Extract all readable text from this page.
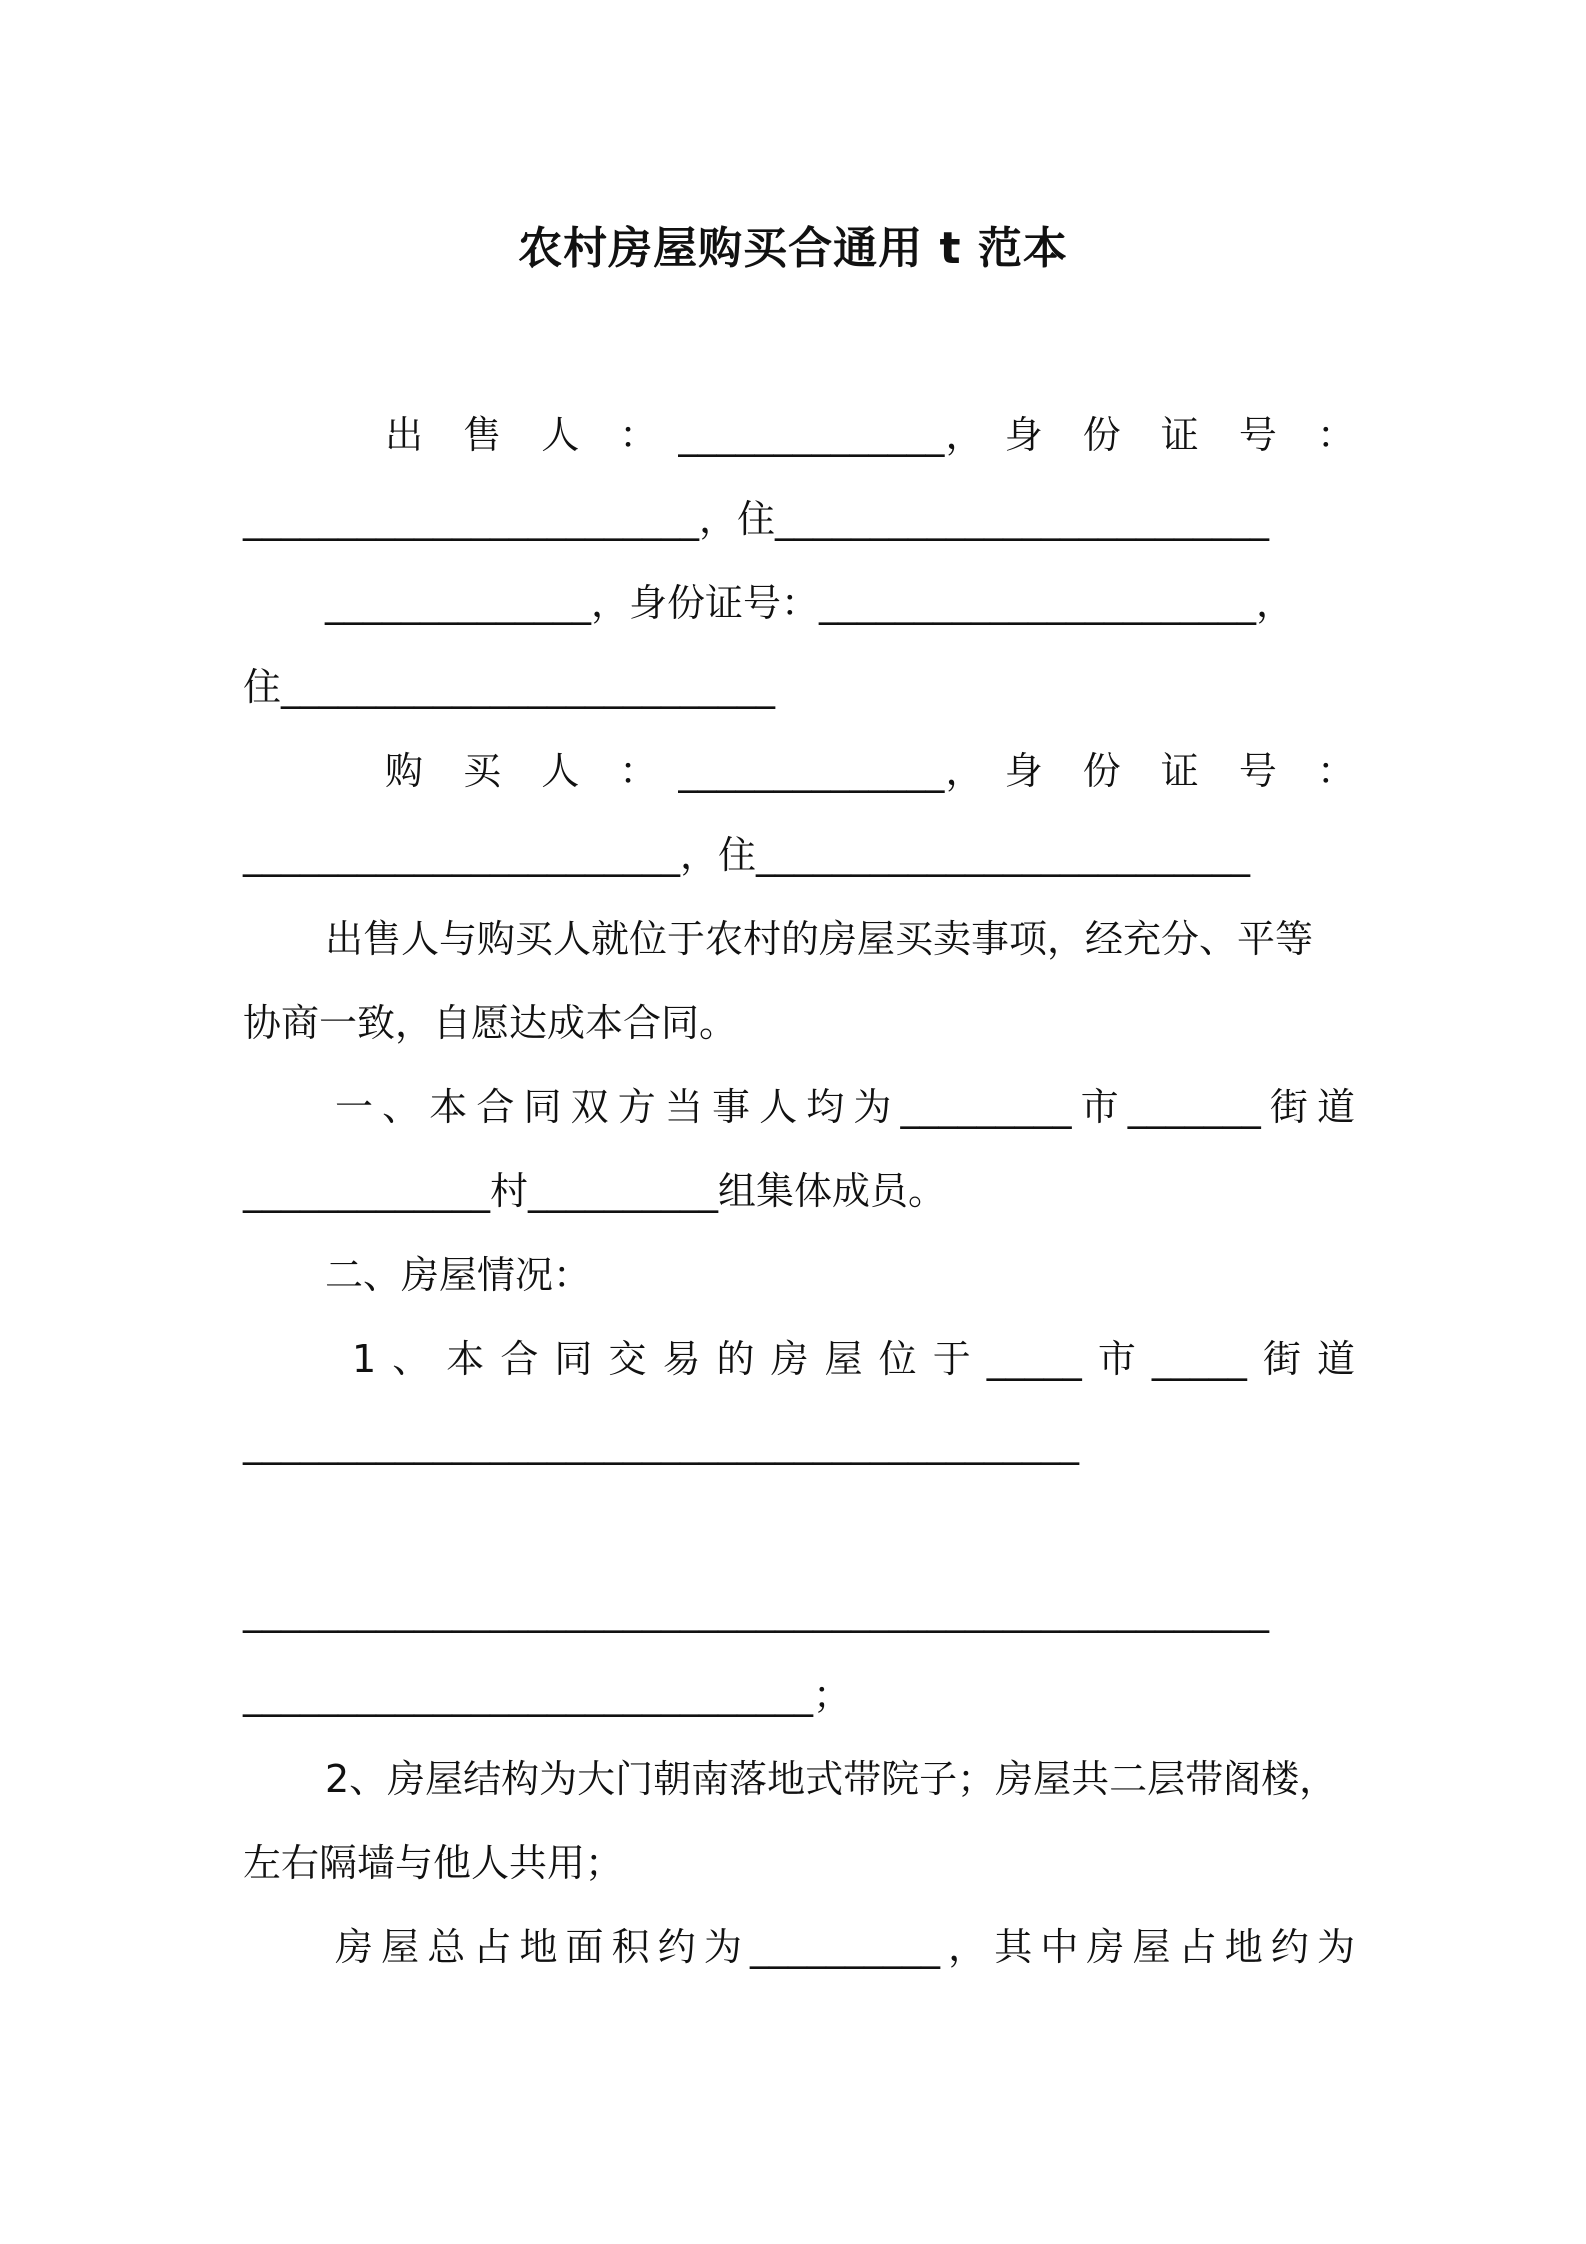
农村房屋购买合通用 t 范本
出　售　人　：　______________，　身　份　证　号　：
________________________，住__________________________
______________，身份证号：_______________________，
住__________________________
购　买　人　：　______________，　身　份　证　号　：
_______________________，住__________________________
出售人与购买人就位于农村的房屋买卖事项，经充分、平等
协商一致，自愿达成本合同。
一、本合同双方当事人均为_________市_______街道
_____________村__________组集体成员。
二、房屋情况：
1、本合同交易的房屋位于_____市_____街道
____________________________________________
______________________________________________________
______________________________；
2、房屋结构为大门朝南落地式带院子；房屋共二层带阁楼，
左右隔墙与他人共用；
房屋总占地面积约为__________，其中房屋占地约为
